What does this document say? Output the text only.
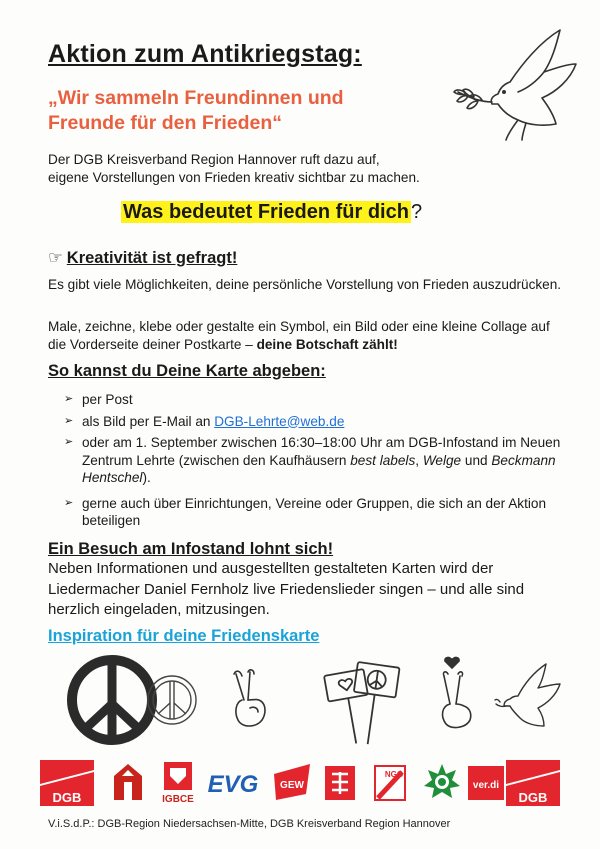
Aktion zum Antikriegstag:
„Wir sammeln Freundinnen und
Freunde für den Frieden“
Der DGB Kreisverband Region Hannover ruft dazu auf,
eigene Vorstellungen von Frieden kreativ sichtbar zu machen.
Was bedeutet Frieden für dich ?
☞ Kreativität ist gefragt!
Es gibt viele Möglichkeiten, deine persönliche Vorstellung von Frieden auszudrücken.
Male, zeichne, klebe oder gestalte ein Symbol, ein Bild oder eine kleine Collage auf die Vorderseite deiner Postkarte – deine Botschaft zählt!
So kannst du Deine Karte abgeben:
➢ per Post
➢ als Bild per E-Mail an DGB-Lehrte@web.de
➢ oder am 1. September zwischen 16:30–18:00 Uhr am DGB-Infostand im Neuen Zentrum Lehrte (zwischen den Kaufhäusern best labels, Welge und Beckmann Hentschel).
➢ gerne auch über Einrichtungen, Vereine oder Gruppen, die sich an der Aktion beteiligen
Ein Besuch am Infostand lohnt sich!
Neben Informationen und ausgestellten gestalteten Karten wird der Liedermacher Daniel Fernholz live Friedenslieder singen – und alle sind herzlich eingeladen, mitzusingen.
Inspiration für deine Friedenskarte
DGB	IGBCE
EVG GEW
NGG
ver.di
DGB
V.i.S.d.P.: DGB-Region Niedersachsen-Mitte, DGB Kreisverband Region Hannover
